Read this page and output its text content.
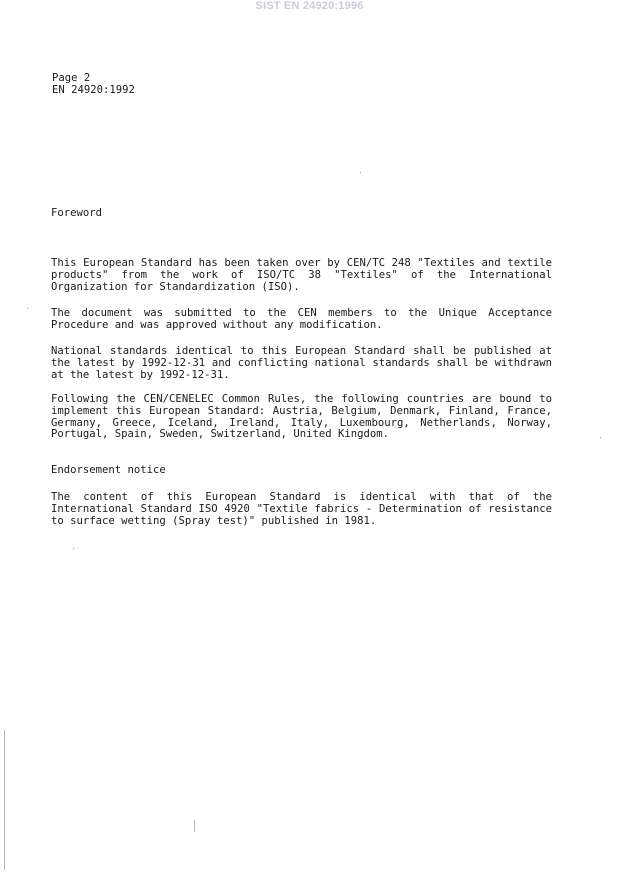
SIST EN 24920:1996

Page 2

EN 24920:1992

Foreword

This European Standard has been taken over by CEN/TC 248 "Textiles and textile products" from the work of ISO/TC 38 "Textiles" of the International Organization for Standardization (ISO).

The document was submitted to the CEN members to the Unique Acceptance Procedure and was approved without any modification.

National standards identical to this European Standard shall be published at the latest by 1992-12-31 and conflicting national standards shall be withdrawn at the latest by 1992-12-31.

Following the CEN/CENELEC Common Rules, the following countries are bound to implement this European Standard: Austria, Belgium, Denmark, Finland, France, Germany, Greece, Iceland, Ireland, Italy, Luxembourg, Netherlands, Norway, Portugal, Spain, Sweden, Switzerland, United Kingdom.

Endorsement notice

The content of this European Standard is identical with that of the International Standard ISO 4920 "Textile fabrics - Determination of resistance to surface wetting (Spray test)" published in 1981.
